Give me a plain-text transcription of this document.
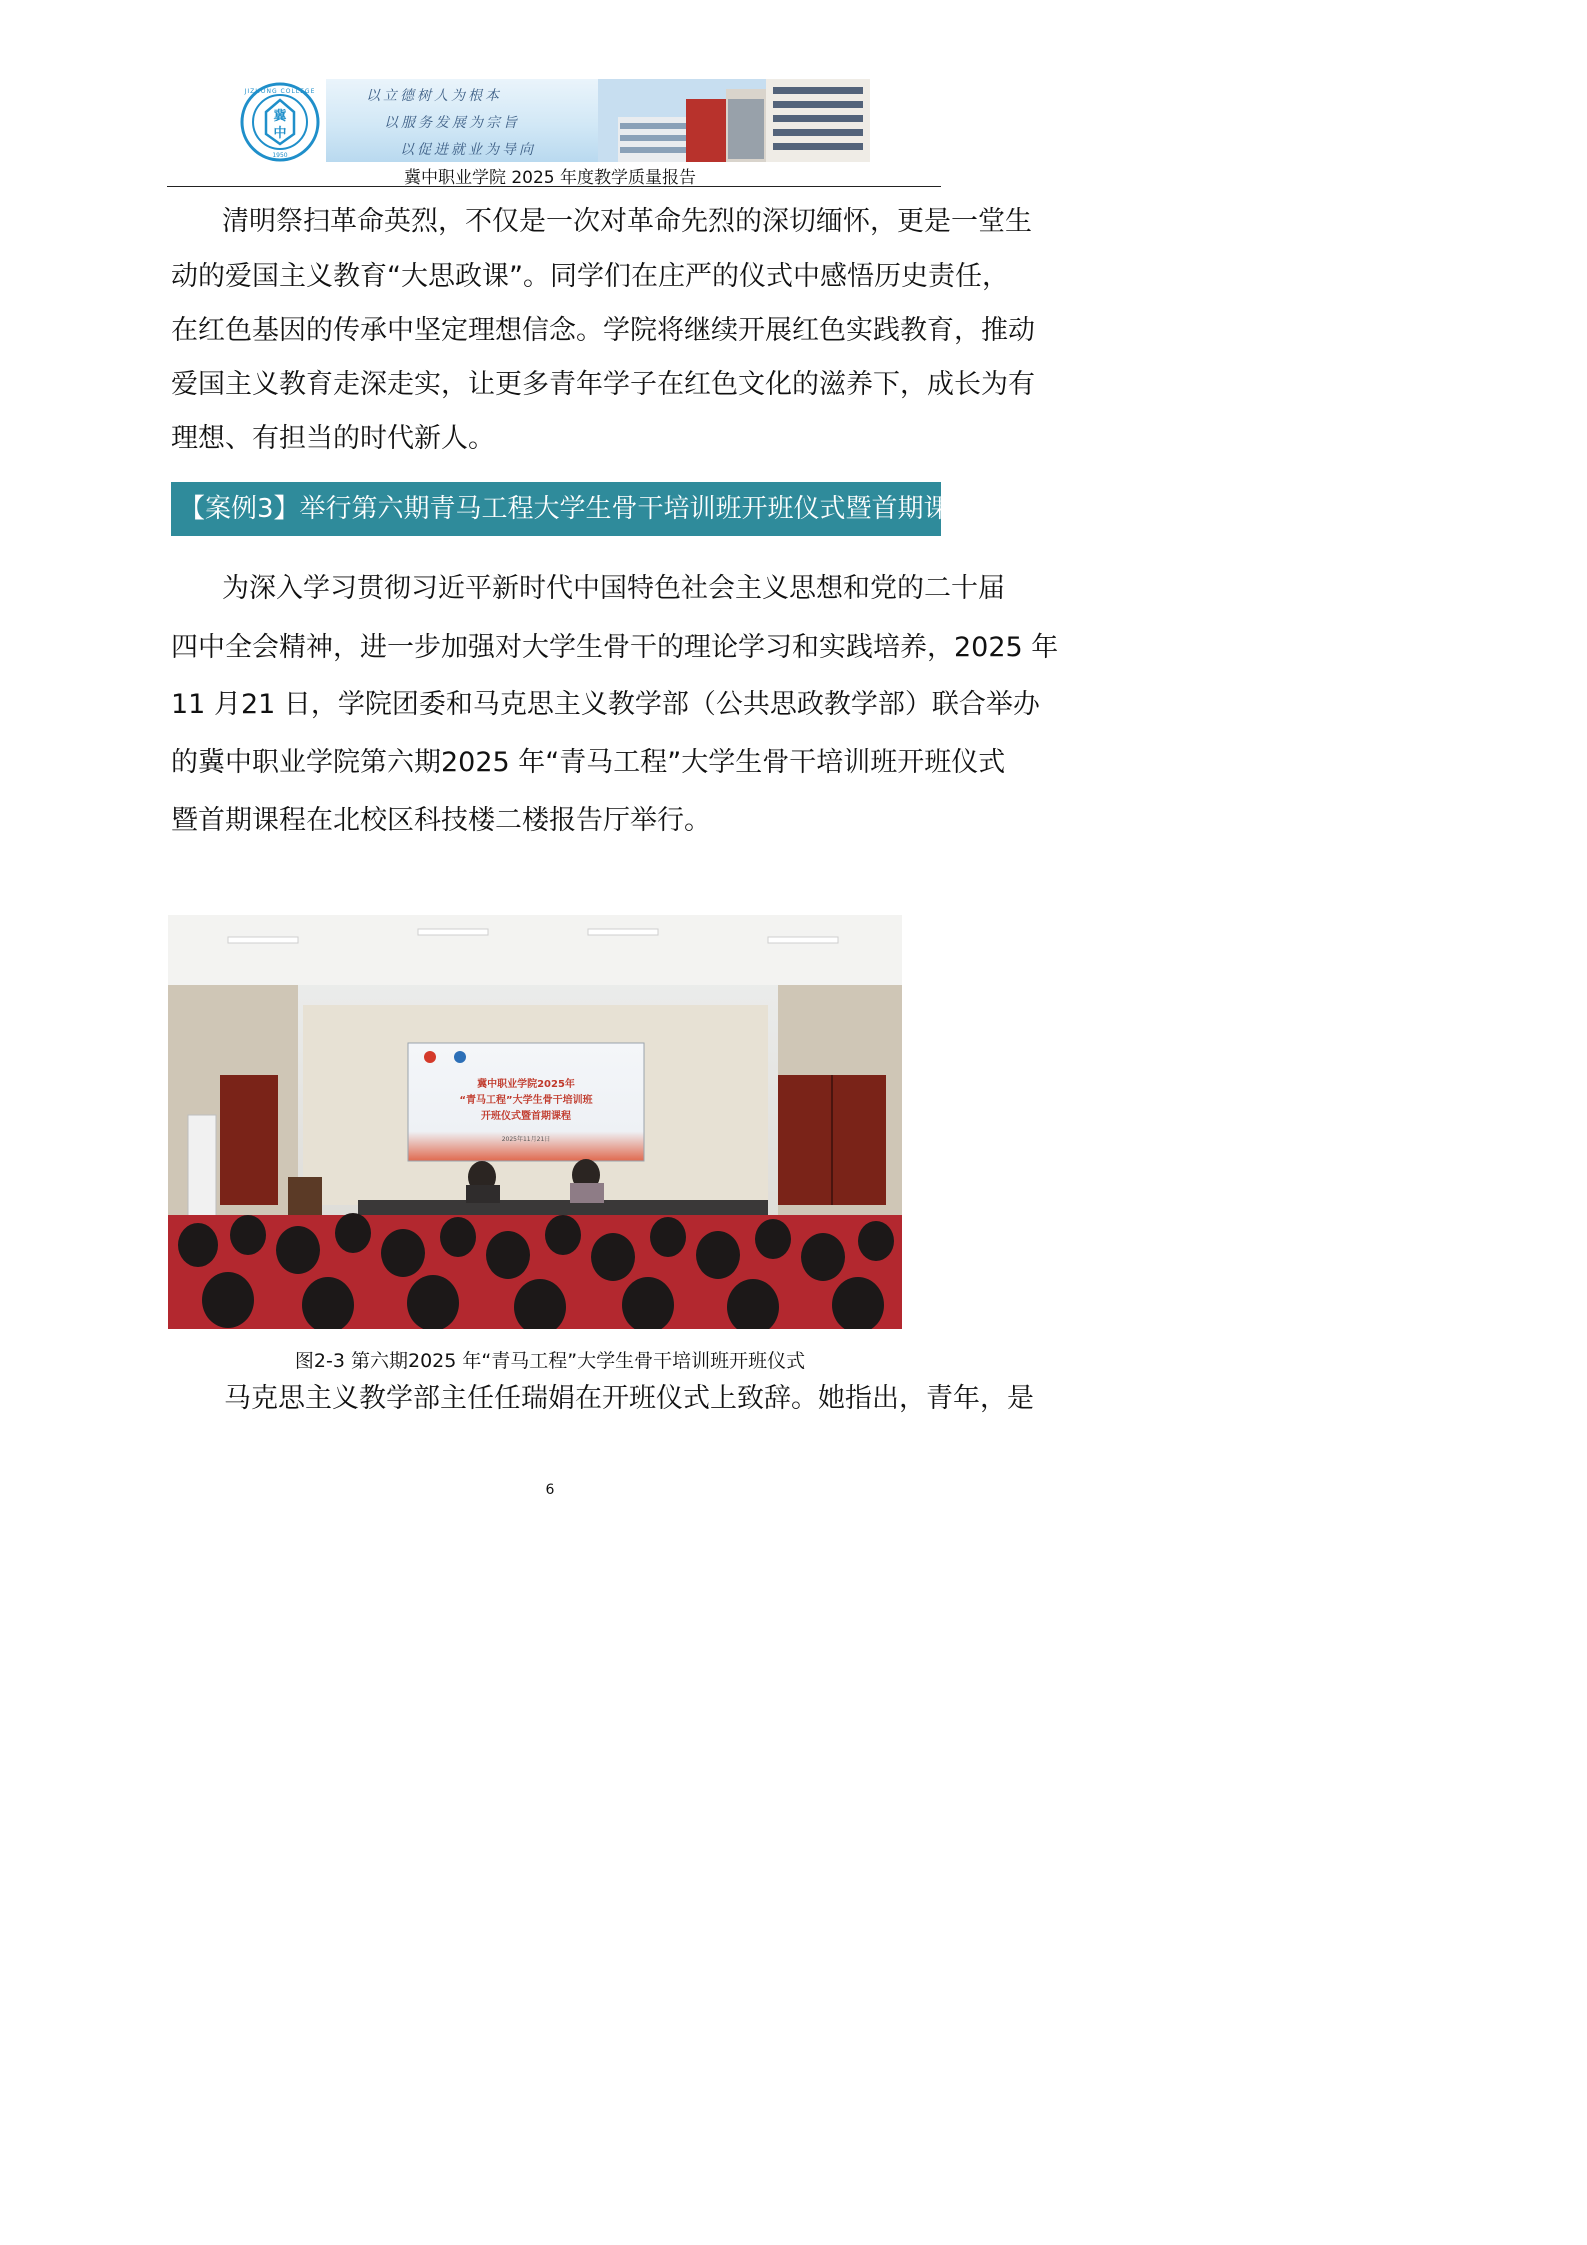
冀
中
JIZHONG COLLEGE
1950
以立德树人为根本
以服务发展为宗旨
以促进就业为导向
冀中职业学院 2025 年度教学质量报告
清明祭扫革命英烈，不仅是一次对革命先烈的深切缅怀，更是一堂生
动的爱国主义教育“大思政课”。同学们在庄严的仪式中感悟历史责任，
在红色基因的传承中坚定理想信念。学院将继续开展红色实践教育，推动
爱国主义教育走深走实，让更多青年学子在红色文化的滋养下，成长为有
理想、有担当的时代新人。
【案例3】举行第六期青马工程大学生骨干培训班开班仪式暨首期课程
为深入学习贯彻习近平新时代中国特色社会主义思想和党的二十届
四中全会精神，进一步加强对大学生骨干的理论学习和实践培养，2025 年
11 月21 日，学院团委和马克思主义教学部（公共思政教学部）联合举办
的冀中职业学院第六期2025 年“青马工程”大学生骨干培训班开班仪式
暨首期课程在北校区科技楼二楼报告厅举行。
冀中职业学院2025年
“青马工程”大学生骨干培训班
开班仪式暨首期课程
2025年11月21日
图2-3 第六期2025 年“青马工程”大学生骨干培训班开班仪式
马克思主义教学部主任任瑞娟在开班仪式上致辞。她指出，青年，是
6
